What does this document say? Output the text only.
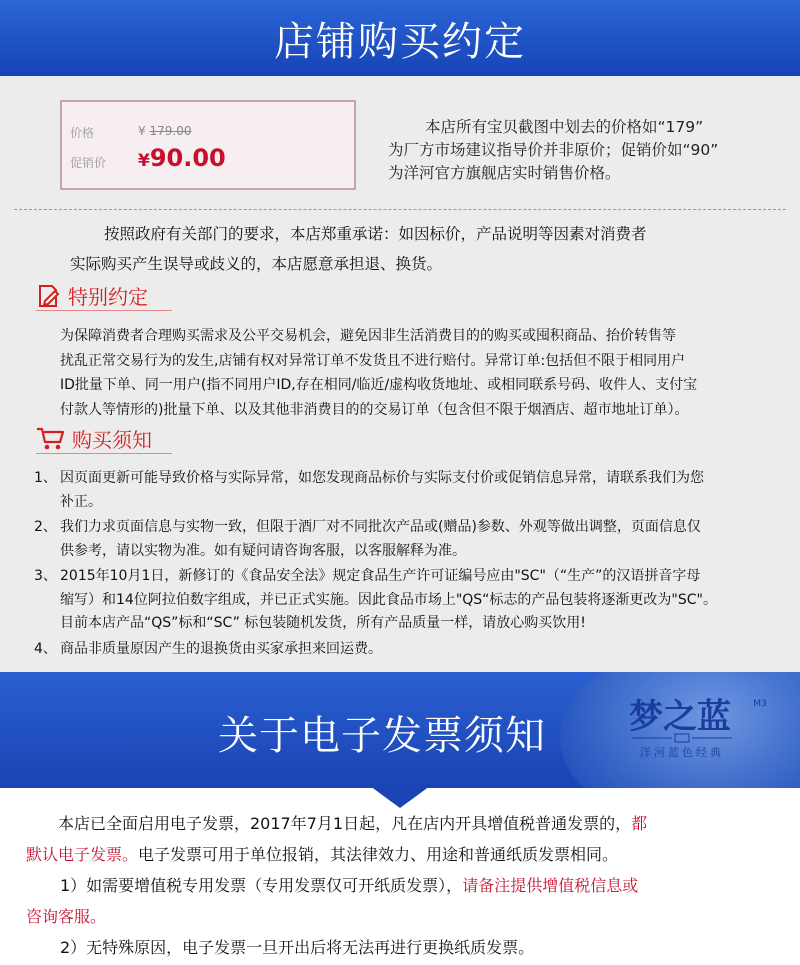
店铺购买约定
价格	¥ 179.00
促销价 ¥90.00

本店所有宝贝截图中划去的价格如“179”

为厂方市场建议指导价并非原价；促销价如“90”

为洋河官方旗舰店实时销售价格。

按照政府有关部门的要求，本店郑重承诺：如因标价，产品说明等因素对消费者

实际购买产生误导或歧义的，本店愿意承担退、换货。

特别约定

为保障消费者合理购买需求及公平交易机会，避免因非生活消费目的的购买或囤积商品、抬价转售等

扰乱正常交易行为的发生,店铺有权对异常订单不发货且不进行赔付。异常订单:包括但不限于相同用户

ID批量下单、同一用户(指不同用户ID,存在相同/临近/虚构收货地址、或相同联系号码、收件人、支付宝

付款人等情形的)批量下单、以及其他非消费目的的交易订单（包含但不限于烟酒店、超市地址订单）。

购买须知
1、 因页面更新可能导致价格与实际异常，如您发现商品标价与实际支付价或促销信息异常，请联系我们为您

补正。

2、 我们力求页面信息与实物一致，但限于酒厂对不同批次产品或(赠品)参数、外观等做出调整，页面信息仅

供参考，请以实物为准。如有疑问请咨询客服，以客服解释为准。

3、 2015年10月1日，新修订的《食品安全法》规定食品生产许可证编号应由"SC"（“生产”的汉语拼音字母

缩写）和14位阿拉伯数字组成，并已正式实施。因此食品市场上"QS“标志的产品包装将逐渐更改为"SC"。

目前本店产品“QS”标和“SC” 标包装随机发货，所有产品质量一样，请放心购买饮用!

4、 商品非质量原因产生的退换货由买家承担来回运费。

关于电子发票须知 梦之蓝 M3
洋河蓝色经典

本店已全面启用电子发票，2017年7月1日起，凡在店内开具增值税普通发票的，都

默认电子发票。电子发票可用于单位报销，其法律效力、用途和普通纸质发票相同。

1）如需要增值税专用发票（专用发票仅可开纸质发票），请备注提供增值税信息或

咨询客服。

2）无特殊原因，电子发票一旦开出后将无法再进行更换纸质发票。
